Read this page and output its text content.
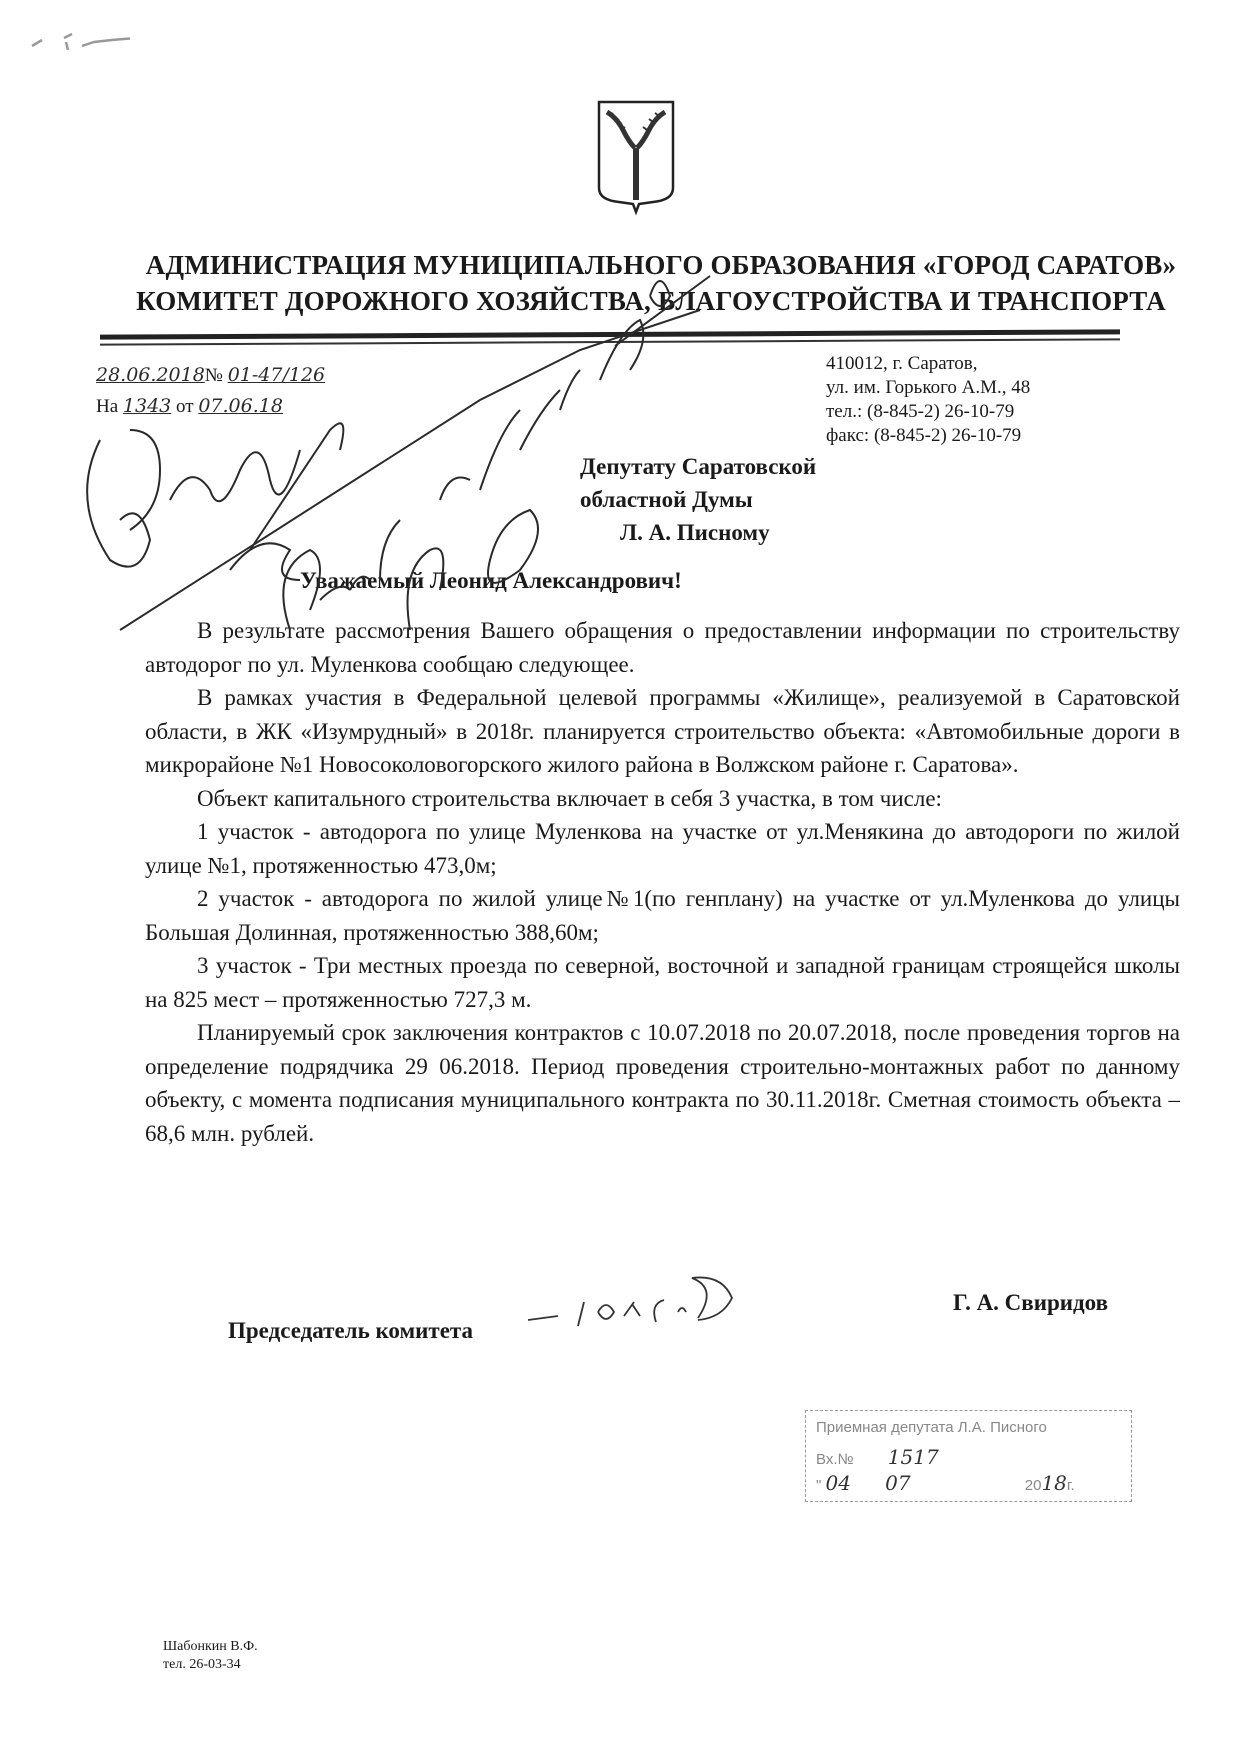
АДМИНИСТРАЦИЯ МУНИЦИПАЛЬНОГО ОБРАЗОВАНИЯ «ГОРОД САРАТОВ»
КОМИТЕТ ДОРОЖНОГО ХОЗЯЙСТВА, БЛАГОУСТРОЙСТВА И ТРАНСПОРТА
410012, г. Саратов,
ул. им. Горького А.М., 48
тел.: (8-845-2) 26-10-79
факс: (8-845-2) 26-10-79
28.06.2018№ 01-47/126
На 1343 от 07.06.18
Депутату Саратовской
областной Думы
Л. А. Писному
Уважаемый Леонид Александрович!

В результате рассмотрения Вашего обращения о предоставлении информации по строительству автодорог по ул. Муленкова сообщаю следующее.

В рамках участия в Федеральной целевой программы «Жилище», реализуемой в Саратовской области, в ЖК «Изумрудный» в 2018г. планируется строительство объекта: «Автомобильные дороги в микрорайоне №1 Новосоколовогорского жилого района в Волжском районе г. Саратова».

Объект капитального строительства включает в себя 3 участка, в том числе:

1 участок - автодорога по улице Муленкова на участке от ул.Менякина до автодороги по жилой улице №1, протяженностью 473,0м;

2 участок - автодорога по жилой улице№1(по генплану) на участке от ул.Муленкова до улицы Большая Долинная, протяженностью 388,60м;

3 участок - Три местных проезда по северной, восточной и западной границам строящейся школы на 825 мест – протяженностью 727,3 м.

Планируемый срок заключения контрактов с 10.07.2018 по 20.07.2018, после проведения торгов на определение подрядчика 29 06.2018. Период проведения строительно-монтажных работ по данному объекту, с момента подписания муниципального контракта по 30.11.2018г. Сметная стоимость объекта – 68,6 млн. рублей.

Председатель комитета
Г. А. Свиридов
Приемная депутата Л.А. Писного
Вх.№ 1517
" 04 07	2018г.
Шабонкин В.Ф.
тел. 26-03-34
